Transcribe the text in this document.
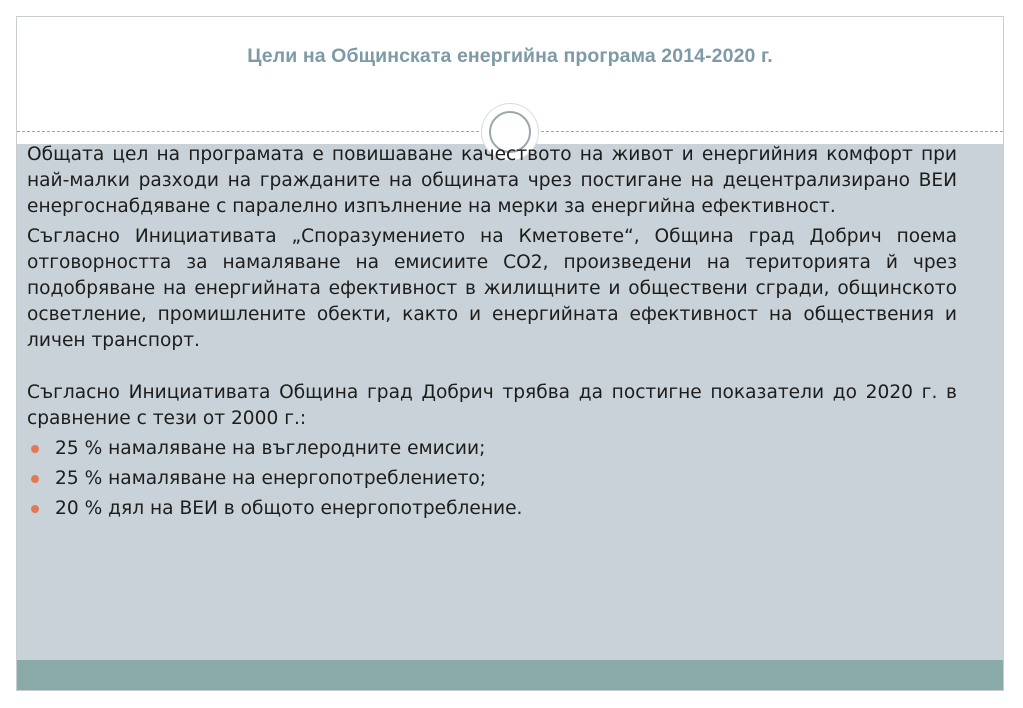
Цели на Общинската енергийна програма 2014-2020 г.

Общата цел на програмата е повишаване качеството на живот и енергийния комфорт при най-малки разходи на гражданите на общината чрез постигане на децентрализирано ВЕИ енергоснабдяване с паралелно изпълнение на мерки за енергийна ефективност.

Съгласно Инициативата „Споразумението на Кметовете“, Община град Добрич поема отговорността за намаляване на емисиите CO2, произведени на територията й чрез подобряване на енергийната ефективност в жилищните и обществени сгради, общинското осветление, промишлените обекти, както и енергийната ефективност на обществения и личен транспорт.

Съгласно Инициативата Община град Добрич трябва да постигне показатели до 2020 г. в сравнение с тези от 2000 г.:

25 % намаляване на въглеродните емисии;
25 % намаляване на енергопотреблението;
20 % дял на ВЕИ в общото енергопотребление.
